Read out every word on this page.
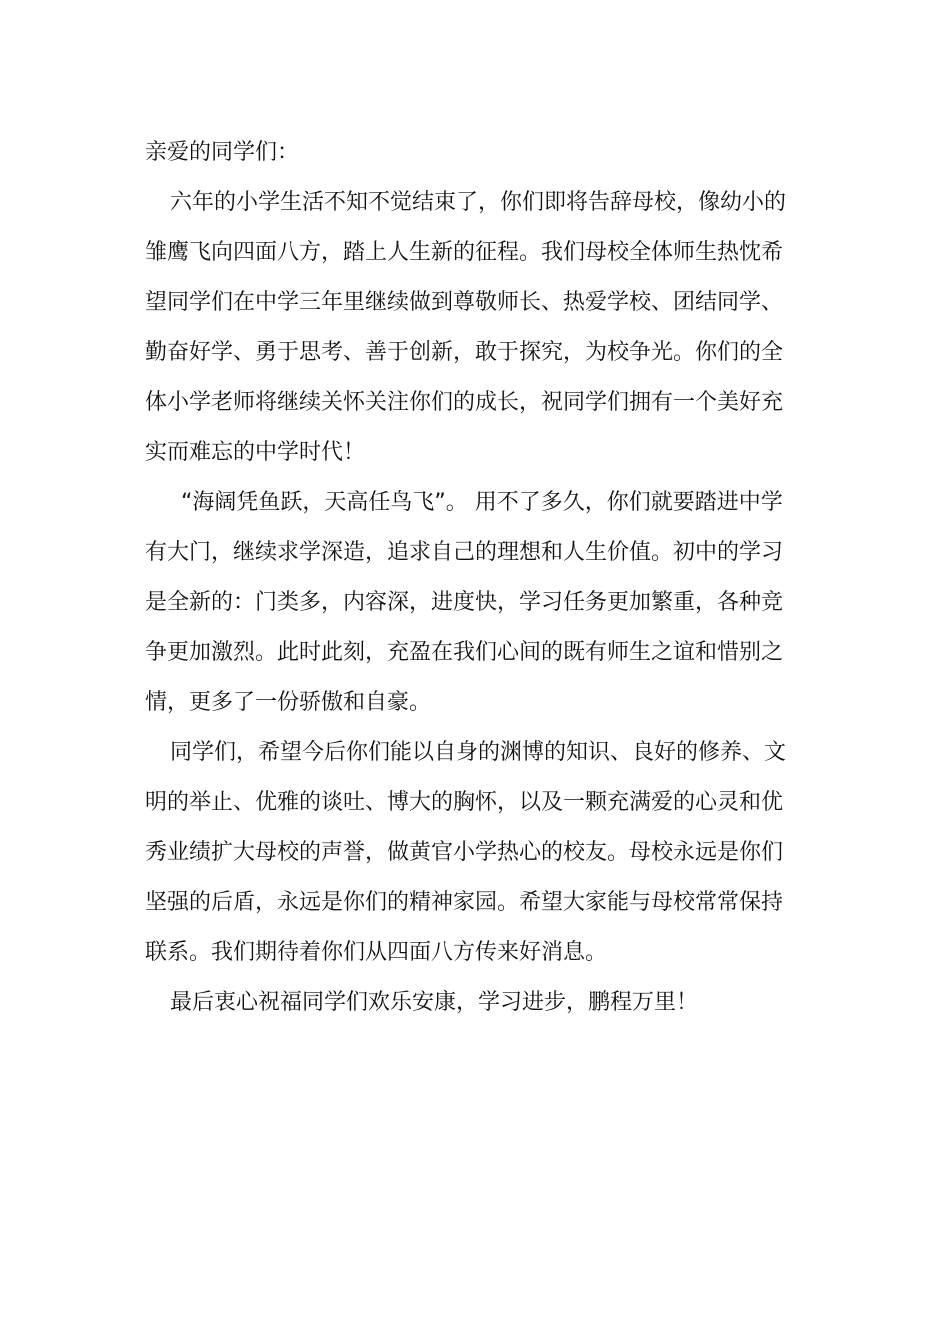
亲爱的同学们：
六年的小学生活不知不觉结束了，你们即将告辞母校，像幼小的
雏鹰飞向四面八方，踏上人生新的征程。我们母校全体师生热忱希
望同学们在中学三年里继续做到尊敬师长、热爱学校、团结同学、
勤奋好学、勇于思考、善于创新，敢于探究，为校争光。你们的全
体小学老师将继续关怀关注你们的成长，祝同学们拥有一个美好充
实而难忘的中学时代！
“海阔凭鱼跃，天高任鸟飞”。 用不了多久，你们就要踏进中学
有大门，继续求学深造，追求自己的理想和人生价值。初中的学习
是全新的：门类多，内容深，进度快，学习任务更加繁重，各种竞
争更加激烈。此时此刻，充盈在我们心间的既有师生之谊和惜别之
情，更多了一份骄傲和自豪。
同学们，希望今后你们能以自身的渊博的知识、良好的修养、文
明的举止、优雅的谈吐、博大的胸怀，以及一颗充满爱的心灵和优
秀业绩扩大母校的声誉，做黄官小学热心的校友。母校永远是你们
坚强的后盾，永远是你们的精神家园。希望大家能与母校常常保持
联系。我们期待着你们从四面八方传来好消息。
最后衷心祝福同学们欢乐安康，学习进步，鹏程万里！
